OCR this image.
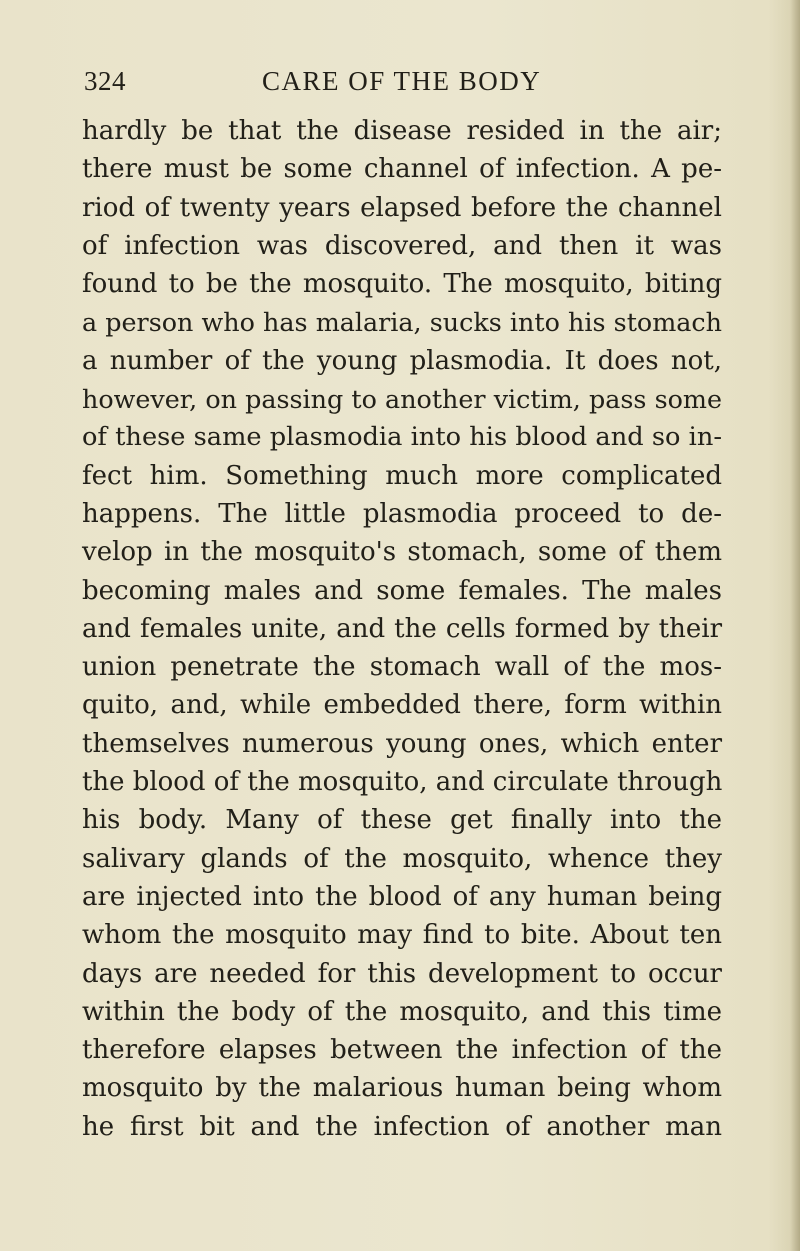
324	CARE OF THE BODY
hardly be that the disease resided in the air;
there must be some channel of infection. A pe-
riod of twenty years elapsed before the channel
of infection was discovered, and then it was
found to be the mosquito. The mosquito, biting
a person who has malaria, sucks into his stomach
a number of the young plasmodia. It does not,
however, on passing to another victim, pass some
of these same plasmodia into his blood and so in-
fect him. Something much more complicated
happens. The little plasmodia proceed to de-
velop in the mosquito's stomach, some of them
becoming males and some females. The males
and females unite, and the cells formed by their
union penetrate the stomach wall of the mos-
quito, and, while embedded there, form within
themselves numerous young ones, which enter
the blood of the mosquito, and circulate through
his body. Many of these get finally into the
salivary glands of the mosquito, whence they
are injected into the blood of any human being
whom the mosquito may find to bite. About ten
days are needed for this development to occur
within the body of the mosquito, and this time
therefore elapses between the infection of the
mosquito by the malarious human being whom
he first bit and the infection of another man
